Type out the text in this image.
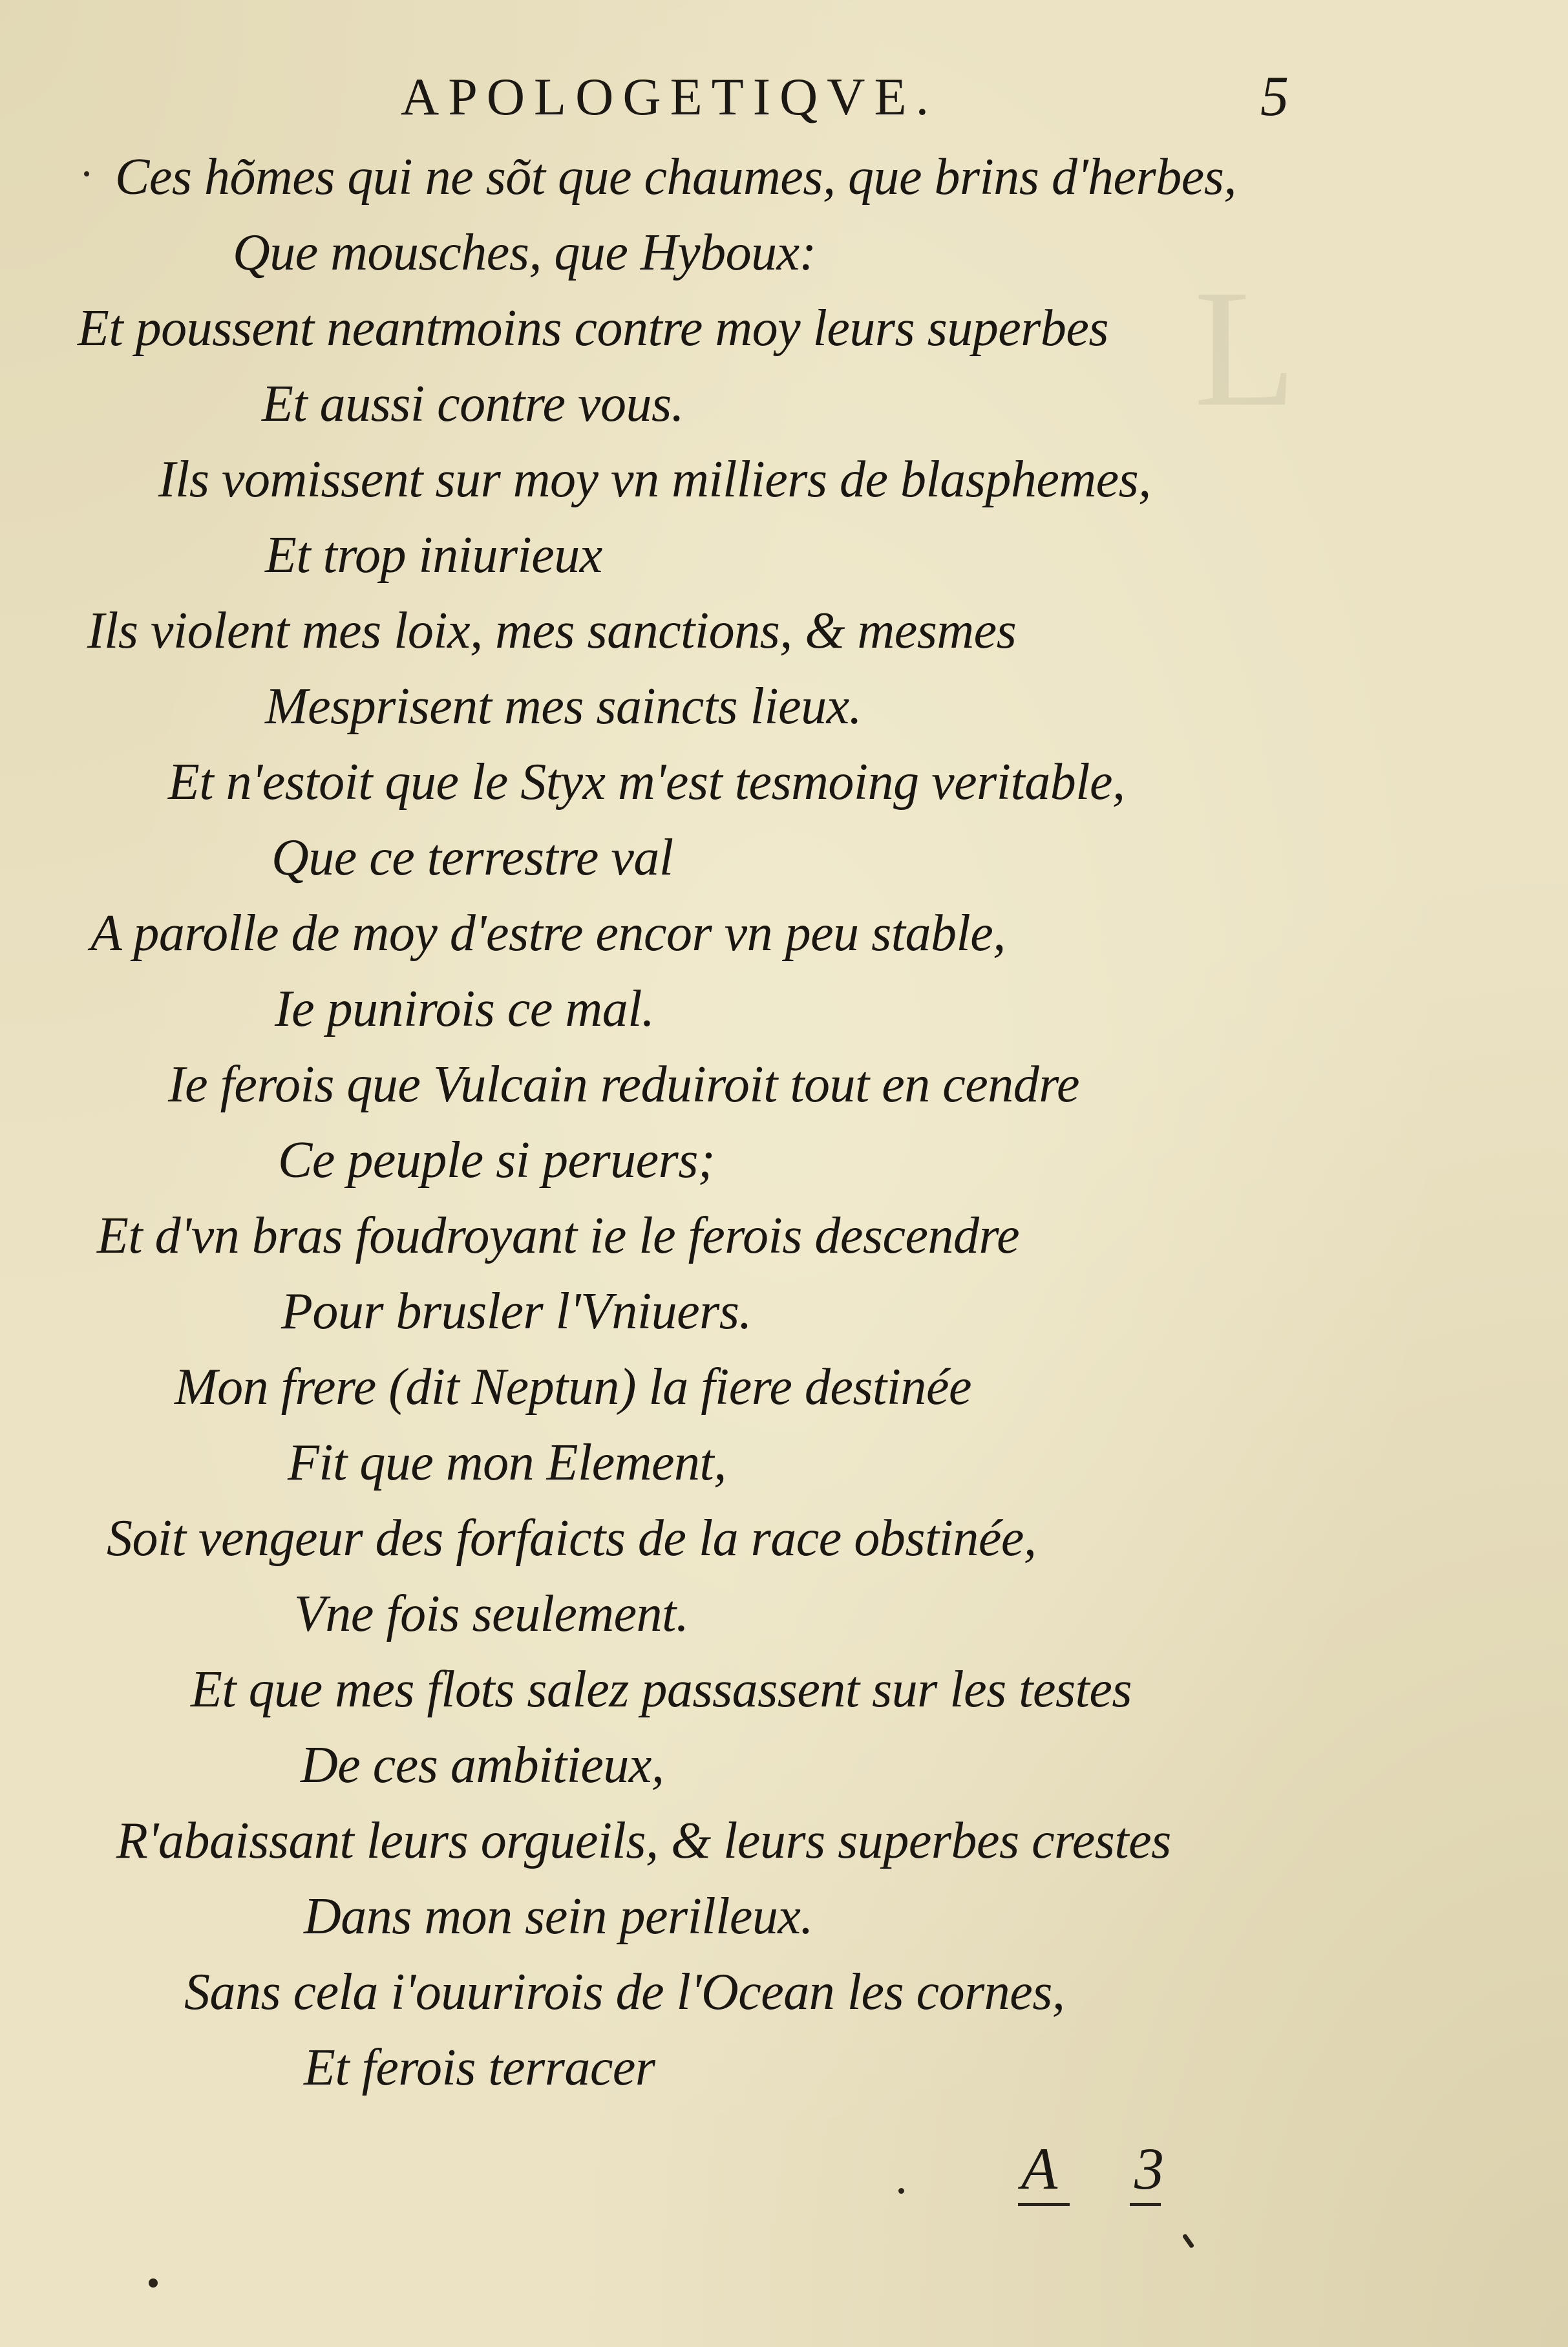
L
APOLOGETIQVE.	5
Ces hõmes qui ne sõt que chaumes, que brins d'herbes,
Que mousches, que Hyboux:
Et poussent neantmoins contre moy leurs superbes
Et aussi contre vous.
Ils vomissent sur moy vn milliers de blasphemes,
Et trop iniurieux
Ils violent mes loix, mes sanctions, & mesmes
Mesprisent mes saincts lieux.
Et n'estoit que le Styx m'est tesmoing veritable,
Que ce terrestre val
A parolle de moy d'estre encor vn peu stable,
Ie punirois ce mal.
Ie ferois que Vulcain reduiroit tout en cendre
Ce peuple si peruers;
Et d'vn bras foudroyant ie le ferois descendre
Pour brusler l'Vniuers.
Mon frere (dit Neptun) la fiere destinée
Fit que mon Element,
Soit vengeur des forfaicts de la race obstinée,
Vne fois seulement.
Et que mes flots salez passassent sur les testes
De ces ambitieux,
R'abaissant leurs orgueils, & leurs superbes crestes
Dans mon sein perilleux.
Sans cela i'ouurirois de l'Ocean les cornes,
Et ferois terracer
A 3
